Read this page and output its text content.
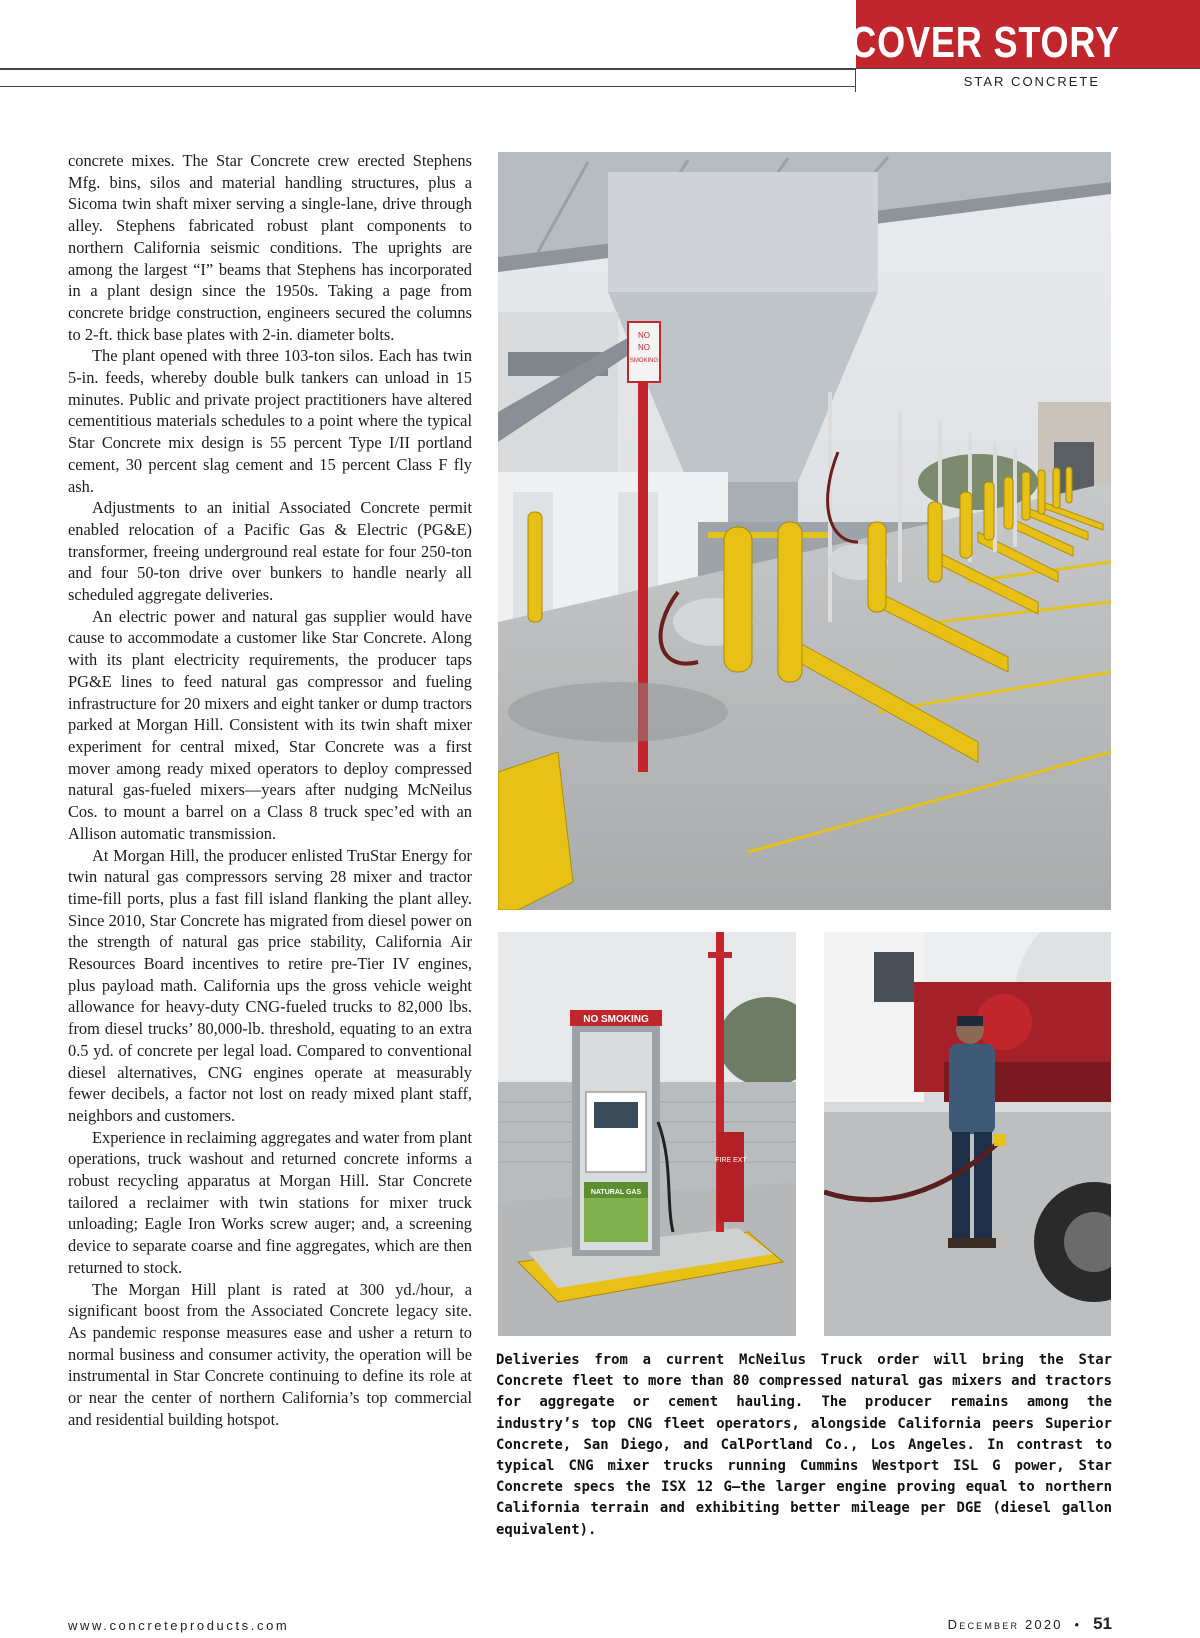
COVER STORY
STAR CONCRETE

concrete mixes. The Star Concrete crew erected Stephens Mfg. bins, silos and material handling structures, plus a Sicoma twin shaft mixer serving a single-lane, drive through alley. Stephens fabricated robust plant components to northern California seismic conditions. The uprights are among the largest “I” beams that Stephens has incorporated in a plant design since the 1950s. Taking a page from concrete bridge construction, engineers secured the columns to 2-ft. thick base plates with 2-in. diameter bolts.

The plant opened with three 103-ton silos. Each has twin 5-in. feeds, whereby double bulk tankers can unload in 15 minutes. Public and private project practitioners have altered cementitious materials schedules to a point where the typical Star Concrete mix design is 55 percent Type I/II portland cement, 30 percent slag cement and 15 percent Class F fly ash.

Adjustments to an initial Associated Concrete permit enabled relocation of a Pacific Gas & Electric (PG&E) transformer, freeing underground real estate for four 250-ton and four 50-ton drive over bunkers to handle nearly all scheduled aggregate deliveries.

An electric power and natural gas supplier would have cause to accommodate a customer like Star Concrete. Along with its plant electricity requirements, the producer taps PG&E lines to feed natural gas compressor and fueling infrastructure for 20 mixers and eight tanker or dump tractors parked at Morgan Hill. Consistent with its twin shaft mixer experiment for central mixed, Star Concrete was a first mover among ready mixed operators to deploy compressed natural gas-fueled mixers—years after nudging McNeilus Cos. to mount a barrel on a Class 8 truck spec’ed with an Allison automatic transmission.

At Morgan Hill, the producer enlisted TruStar Energy for twin natural gas compressors serving 28 mixer and tractor time-fill ports, plus a fast fill island flanking the plant alley. Since 2010, Star Concrete has migrated from diesel power on the strength of natural gas price stability, California Air Resources Board incentives to retire pre-Tier IV engines, plus payload math. California ups the gross vehicle weight allowance for heavy-duty CNG-fueled trucks to 82,000 lbs. from diesel trucks’ 80,000-lb. threshold, equating to an extra 0.5 yd. of concrete per legal load. Compared to conventional diesel alternatives, CNG engines operate at measurably fewer decibels, a factor not lost on ready mixed plant staff, neighbors and customers.

Experience in reclaiming aggregates and water from plant operations, truck washout and returned concrete informs a robust recycling apparatus at Morgan Hill. Star Concrete tailored a reclaimer with twin stations for mixer truck unloading; Eagle Iron Works screw auger; and, a screening device to separate coarse and fine aggregates, which are then returned to stock.

The Morgan Hill plant is rated at 300 yd./hour, a significant boost from the Associated Concrete legacy site. As pandemic response measures ease and usher a return to normal business and consumer activity, the operation will be instrumental in Star Concrete continuing to define its role at or near the center of northern California’s top commercial and residential building hotspot.

NO
NO
SMOKING
FIRE EXT
NO SMOKING
NATURAL GAS
Deliveries from a current McNeilus Truck order will bring the Star Concrete fleet to more than 80 compressed natural gas mixers and tractors for aggregate or cement hauling. The producer remains among the industry’s top CNG fleet operators, alongside California peers Superior Concrete, San Diego, and CalPortland Co., Los Angeles. In contrast to typical CNG mixer trucks running Cummins Westport ISL G power, Star Concrete specs the ISX 12 G—the larger engine proving equal to northern California terrain and exhibiting better mileage per DGE (diesel gallon equivalent).
www.concreteproducts.com	December 2020 • 51
